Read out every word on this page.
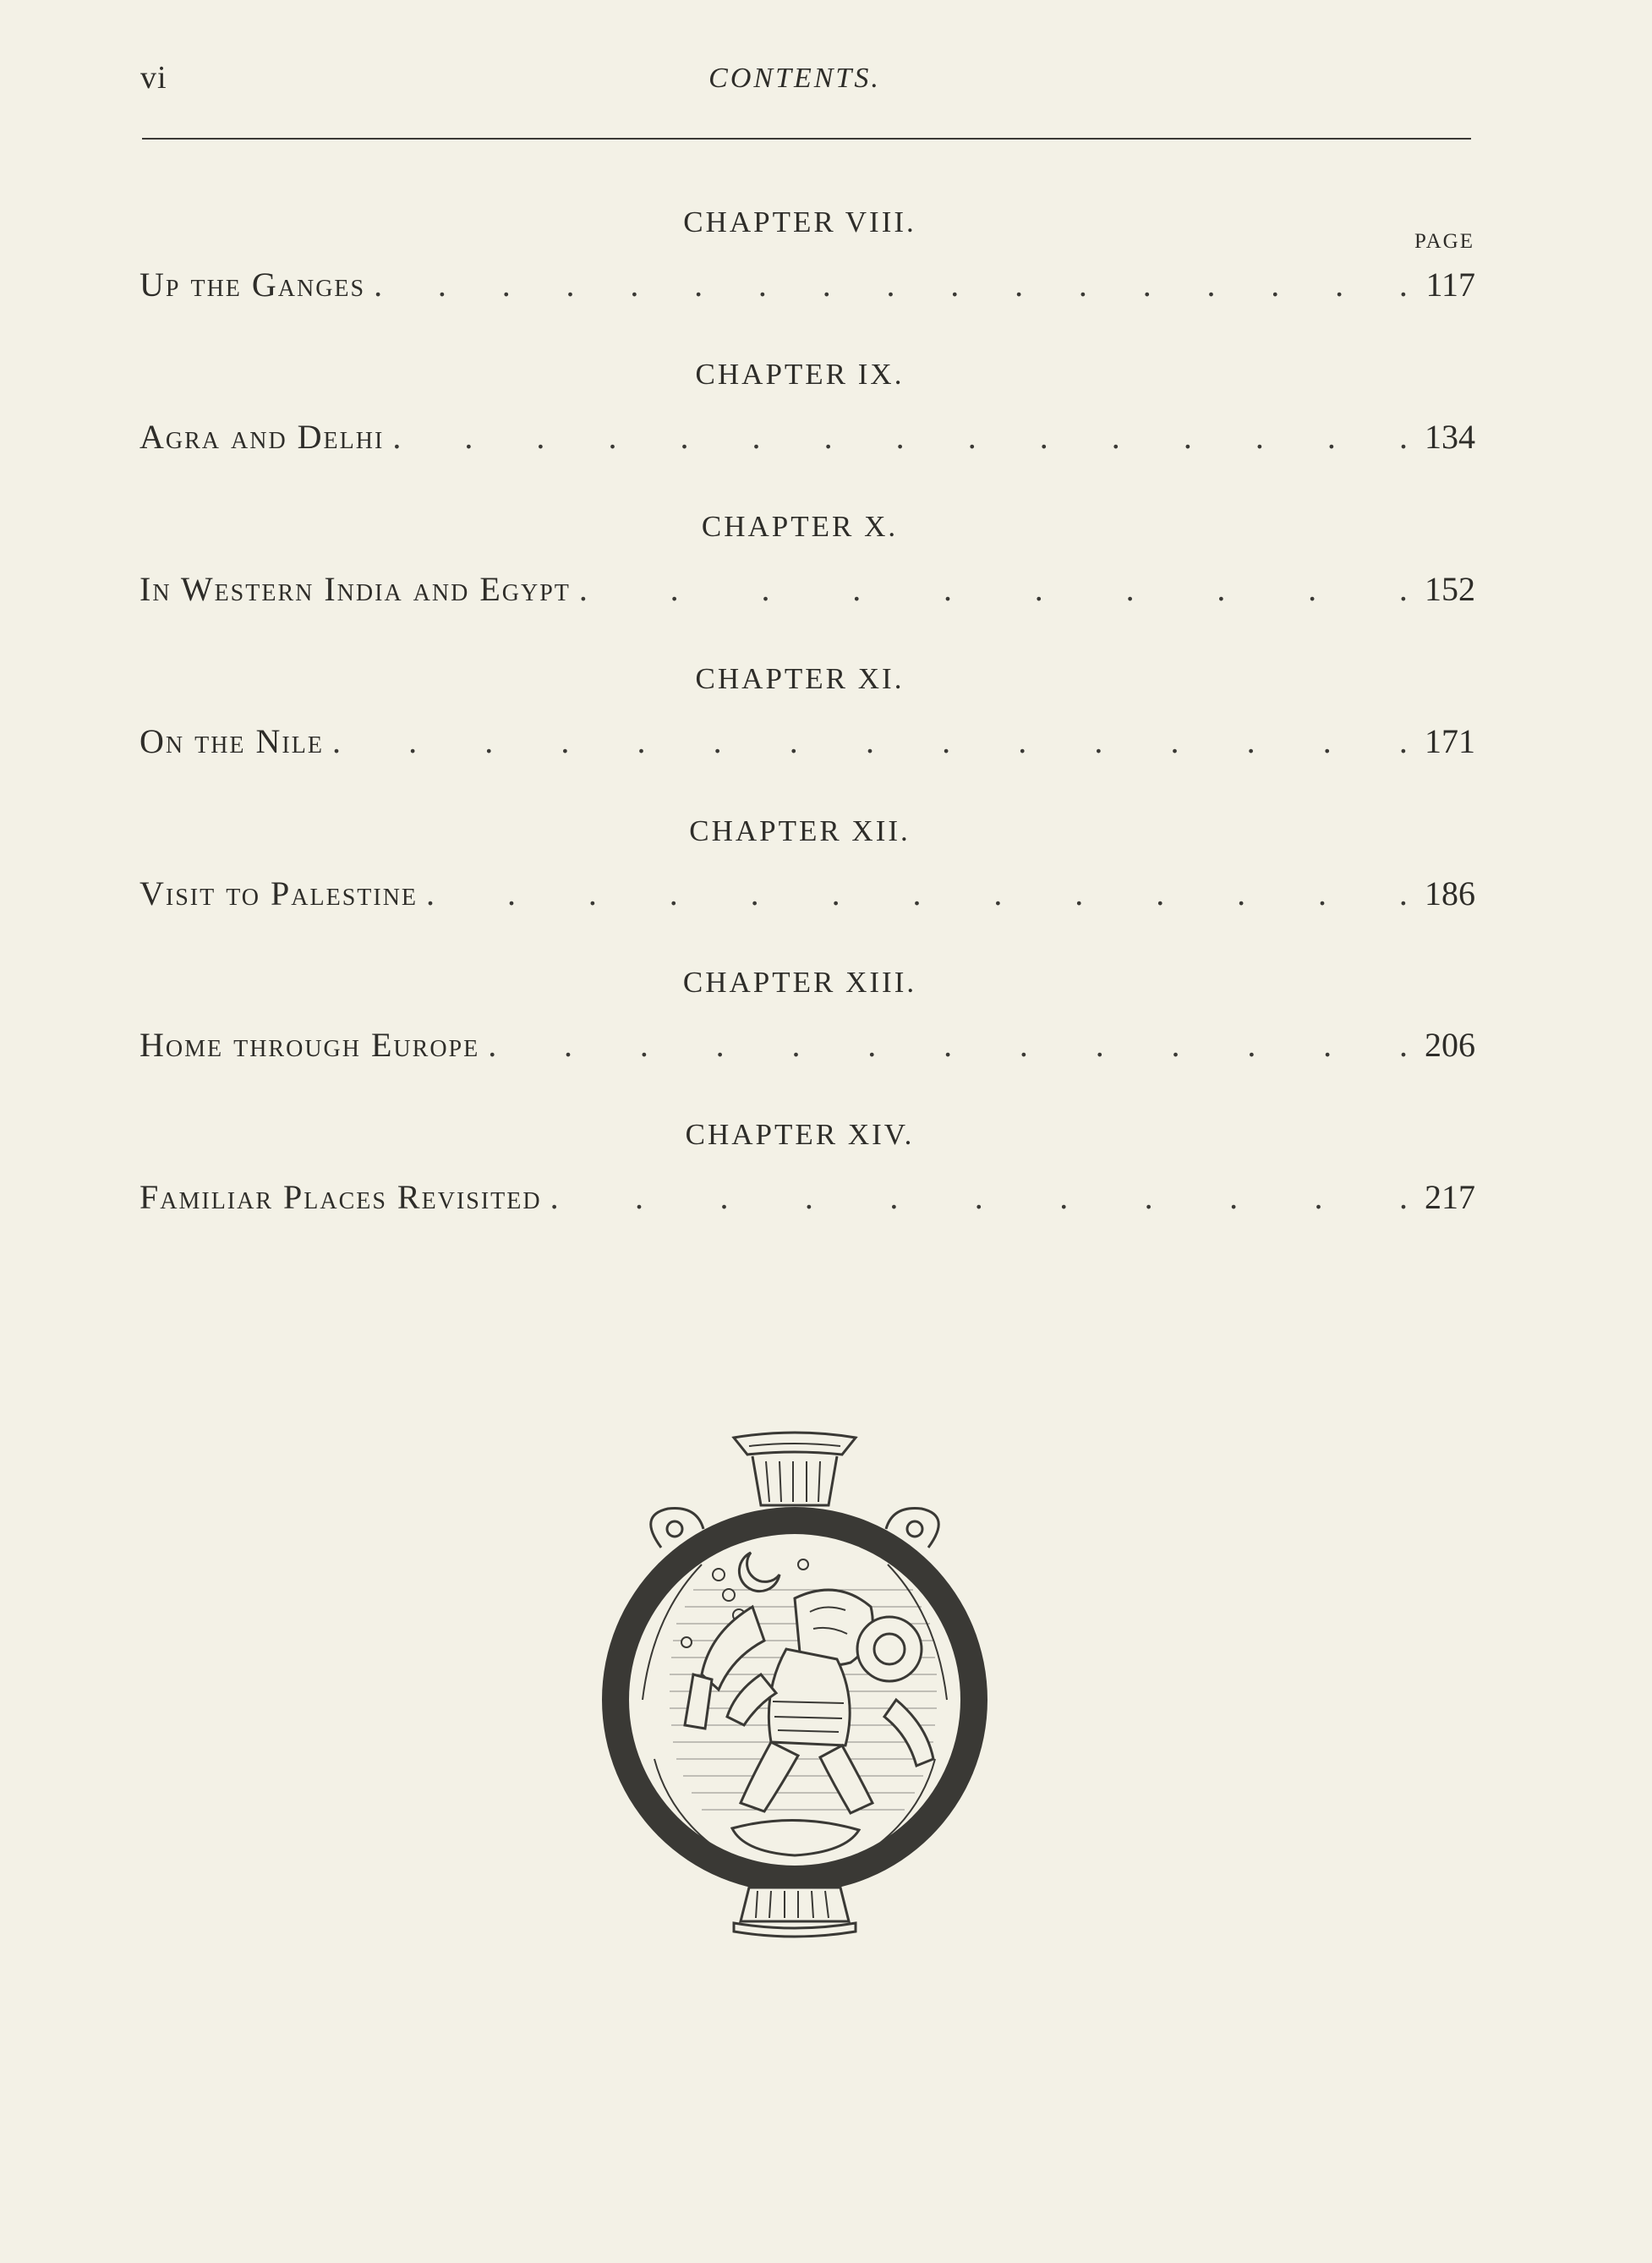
vi	CONTENTS.
PAGE
CHAPTER VIII.
Up the Ganges . . . . . . . . . . . . . . . . . 117
CHAPTER IX.
Agra and Delhi . . . . . . . . . . . . . . . 134
CHAPTER X.
In Western India and Egypt . . . . . . . . . . 152
CHAPTER XI.
On the Nile . . . . . . . . . . . . . . . 171
CHAPTER XII.
Visit to Palestine . . . . . . . . . . . . . 186
CHAPTER XIII.
Home through Europe . . . . . . . . . . . . . 206
CHAPTER XIV.
Familiar Places Revisited . . . . . . . . . . . 217
